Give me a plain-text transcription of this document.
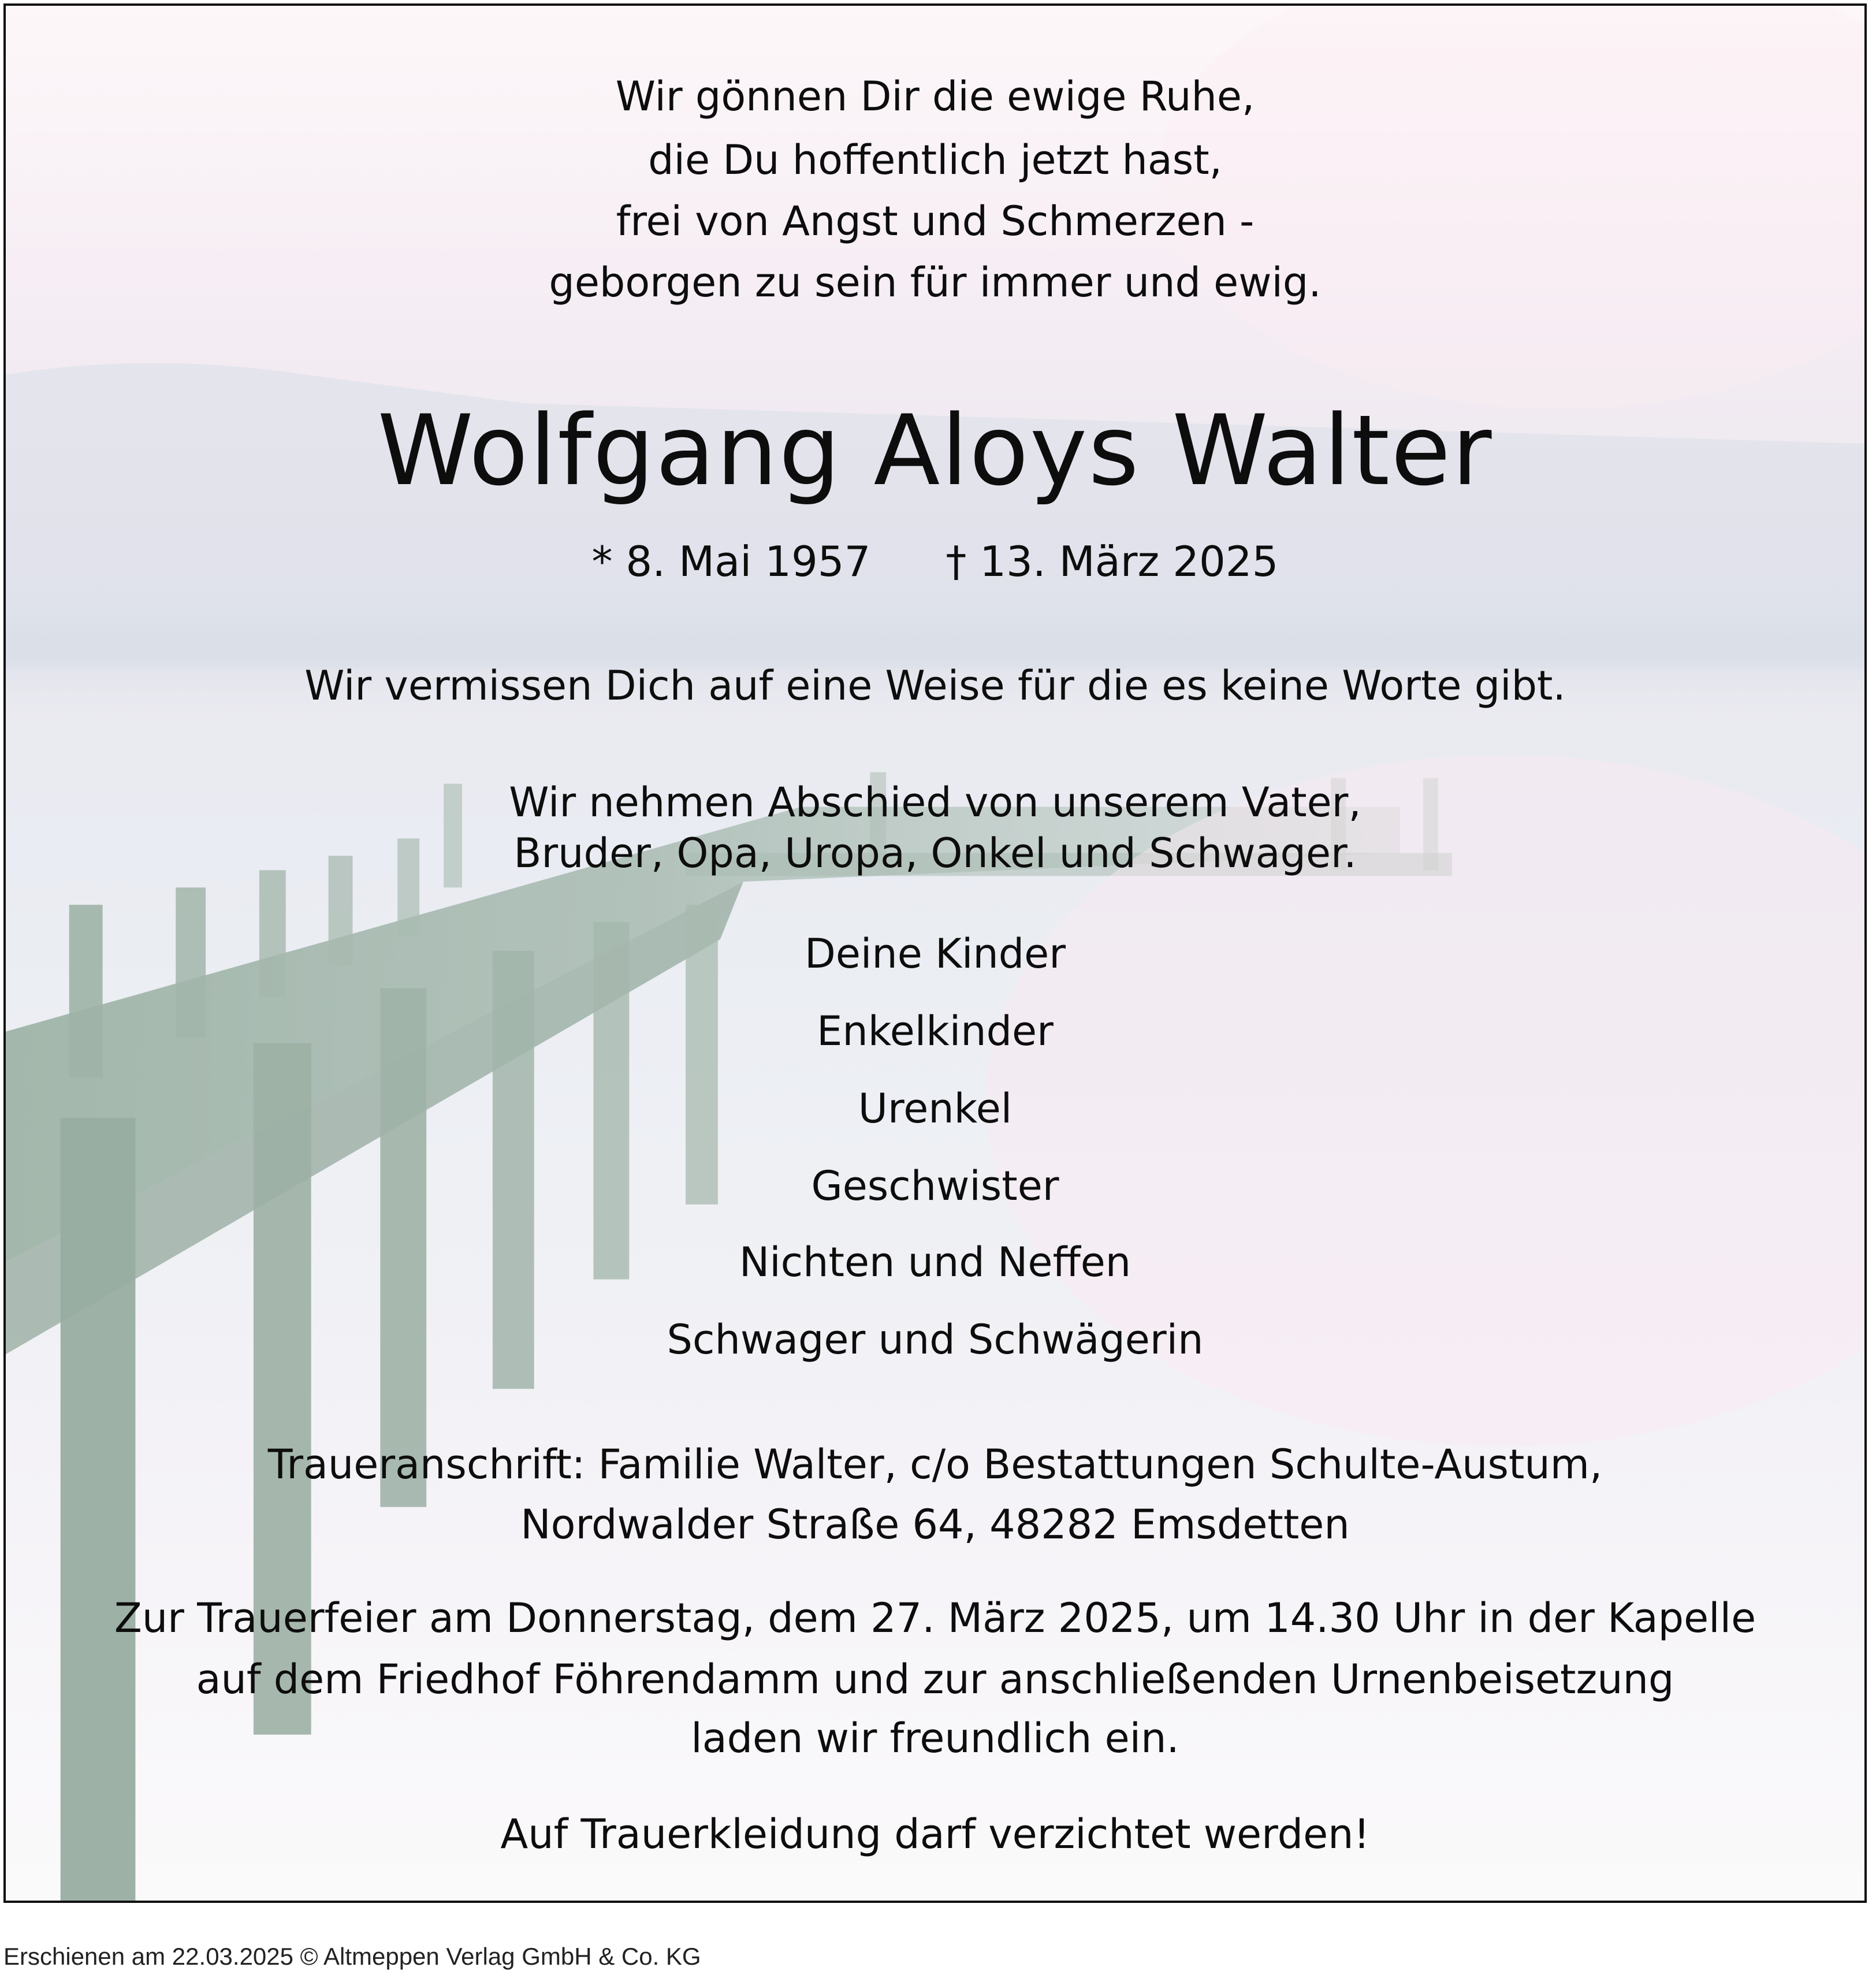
Wir gönnen Dir die ewige Ruhe,
die Du hoffentlich jetzt hast,
frei von Angst und Schmerzen -
geborgen zu sein für immer und ewig.
Wolfgang Aloys Walter
* 8. Mai 1957 † 13. März 2025
Wir vermissen Dich auf eine Weise für die es keine Worte gibt.
Wir nehmen Abschied von unserem Vater,
Bruder, Opa, Uropa, Onkel und Schwager.
Deine Kinder
Enkelkinder
Urenkel
Geschwister
Nichten und Neffen
Schwager und Schwägerin
Traueranschrift: Familie Walter, c/o Bestattungen Schulte-Austum,
Nordwalder Straße 64, 48282 Emsdetten
Zur Trauerfeier am Donnerstag, dem 27. März 2025, um 14.30 Uhr in der Kapelle
auf dem Friedhof Föhrendamm und zur anschließenden Urnenbeisetzung
laden wir freundlich ein.
Auf Trauerkleidung darf verzichtet werden!
Erschienen am 22.03.2025 © Altmeppen Verlag GmbH & Co. KG
